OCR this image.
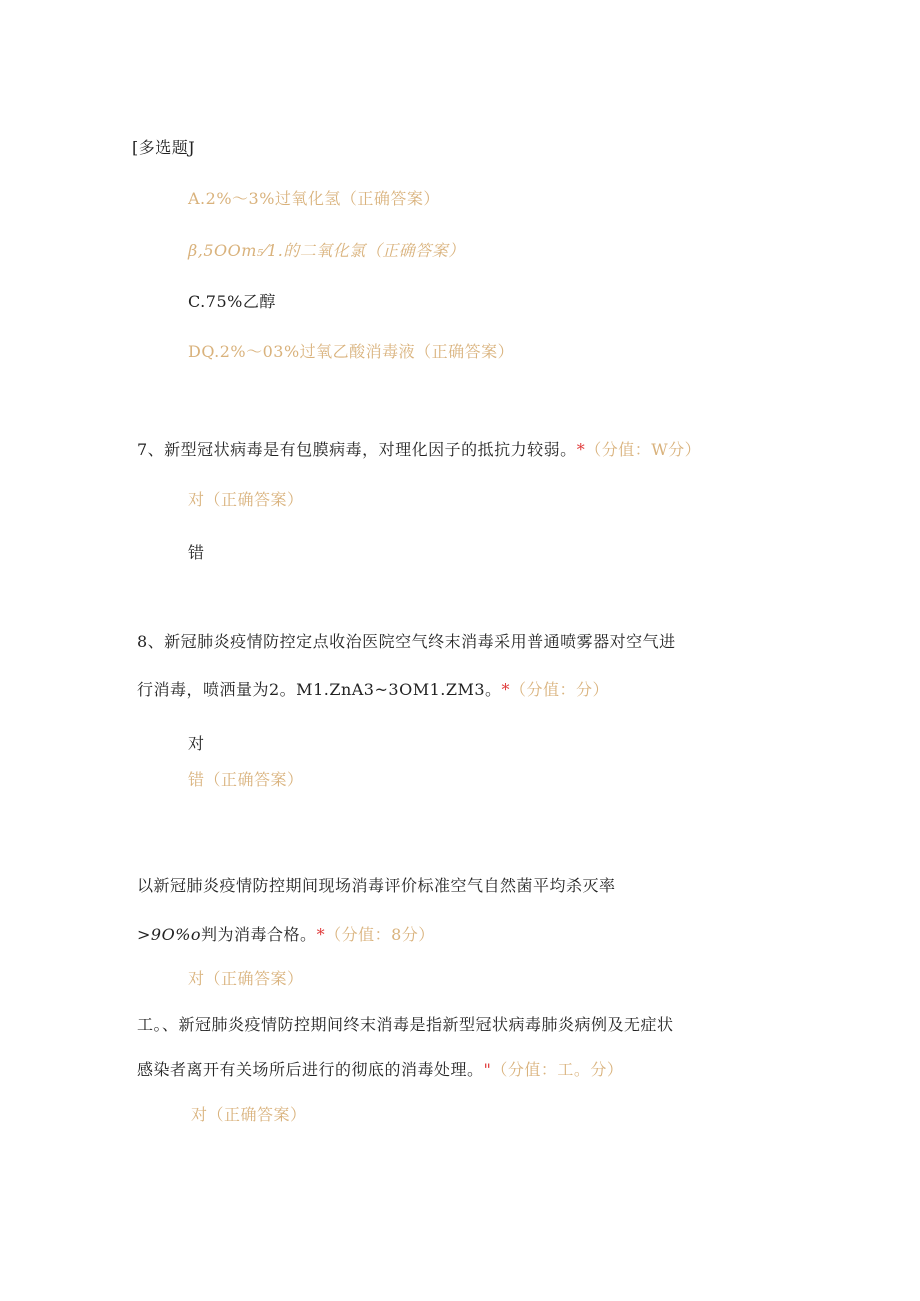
[多选题J
A.2%～3%过氧化氢（正确答案）
β,5OOm₅⁄1.的二氧化氯（正确答案）
C.75%乙醇
DQ.2%～03%过氧乙酸消毒液（正确答案）
7、新型冠状病毒是有包膜病毒，对理化因子的抵抗力较弱。*（分值：W分）
对（正确答案）
错
8、新冠肺炎疫情防控定点收治医院空气终末消毒采用普通喷雾器对空气进
行消毒，喷洒量为2。M1.ZnA3~3OM1.ZM3。*（分值：分）
对
错（正确答案）
以新冠肺炎疫情防控期间现场消毒评价标准空气自然菌平均杀灭率
>9O%o判为消毒合格。*（分值：8分）
对（正确答案）
工。、新冠肺炎疫情防控期间终末消毒是指新型冠状病毒肺炎病例及无症状
感染者离开有关场所后进行的彻底的消毒处理。"（分值：工。分）
对（正确答案）
